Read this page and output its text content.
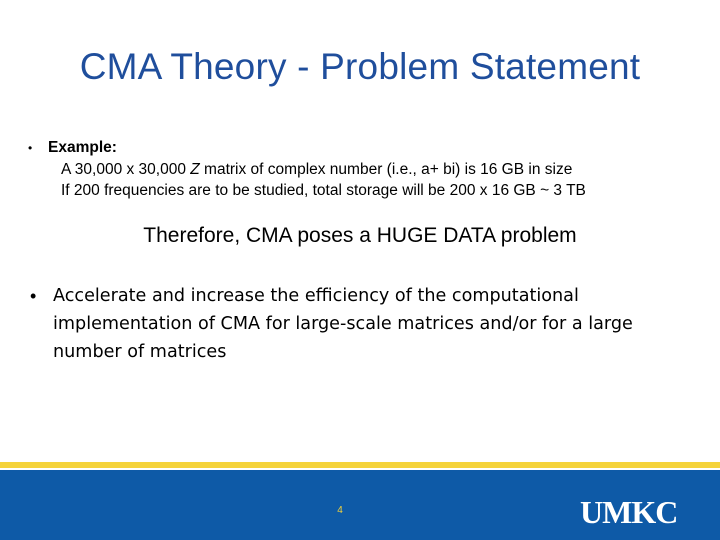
CMA Theory - Problem Statement
• Example:
A 30,000 x 30,000 Z matrix of complex number (i.e., a+ bi) is 16 GB in size
If 200 frequencies are to be studied, total storage will be 200 x 16 GB ~ 3 TB
Therefore, CMA poses a HUGE DATA problem
• Accelerate and increase the efficiency of the computational implementation of CMA for large-scale matrices and/or for a large number of matrices
4	UMKC
